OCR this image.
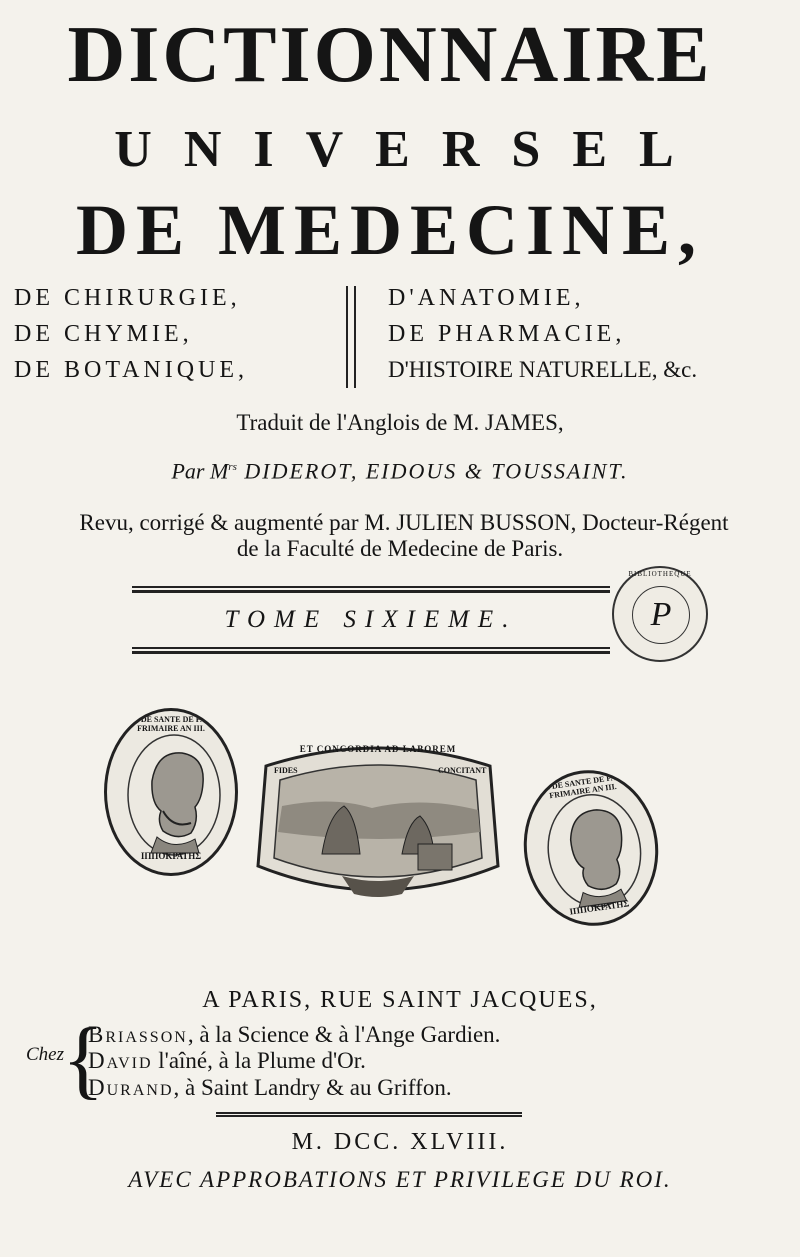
DICTIONNAIRE
UNIVERSEL
DE MEDECINE,
DE CHIRURGIE,
DE CHYMIE,
DE BOTANIQUE,
D'ANATOMIE,
DE PHARMACIE,
D'HISTOIRE NATURELLE, &c.
Traduit de l'Anglois de M. JAMES,
Par $M^{rs}$ DIDEROT, EIDOUS & TOUSSAINT.
Revu, corrigé & augmenté par M. JULIEN BUSSON, Docteur-Régent
de la Faculté de Medecine de Paris.
TOME SIXIEME.	P
BIBLIOTHEQUE
ECOLE DE SANTE DE PARIS. 14 FRIMAIRE AN III.
ΙΠΠΟΚΡΑΤΗΣ
ET CONCORDIA AD LABOREM
FIDES	CONCITANT	ECOLE DE SANTE DE PARIS. 14 FRIMAIRE AN III.
ΙΠΠΟΚΡΑΤΗΣ
A PARIS, RUE SAINT JACQUES,
Chez
{
Briasson, à la Science & à l'Ange Gardien.
David l'aîné, à la Plume d'Or.
Durand, à Saint Landry & au Griffon.
M. DCC. XLVIII.
AVEC APPROBATIONS ET PRIVILEGE DU ROI.
